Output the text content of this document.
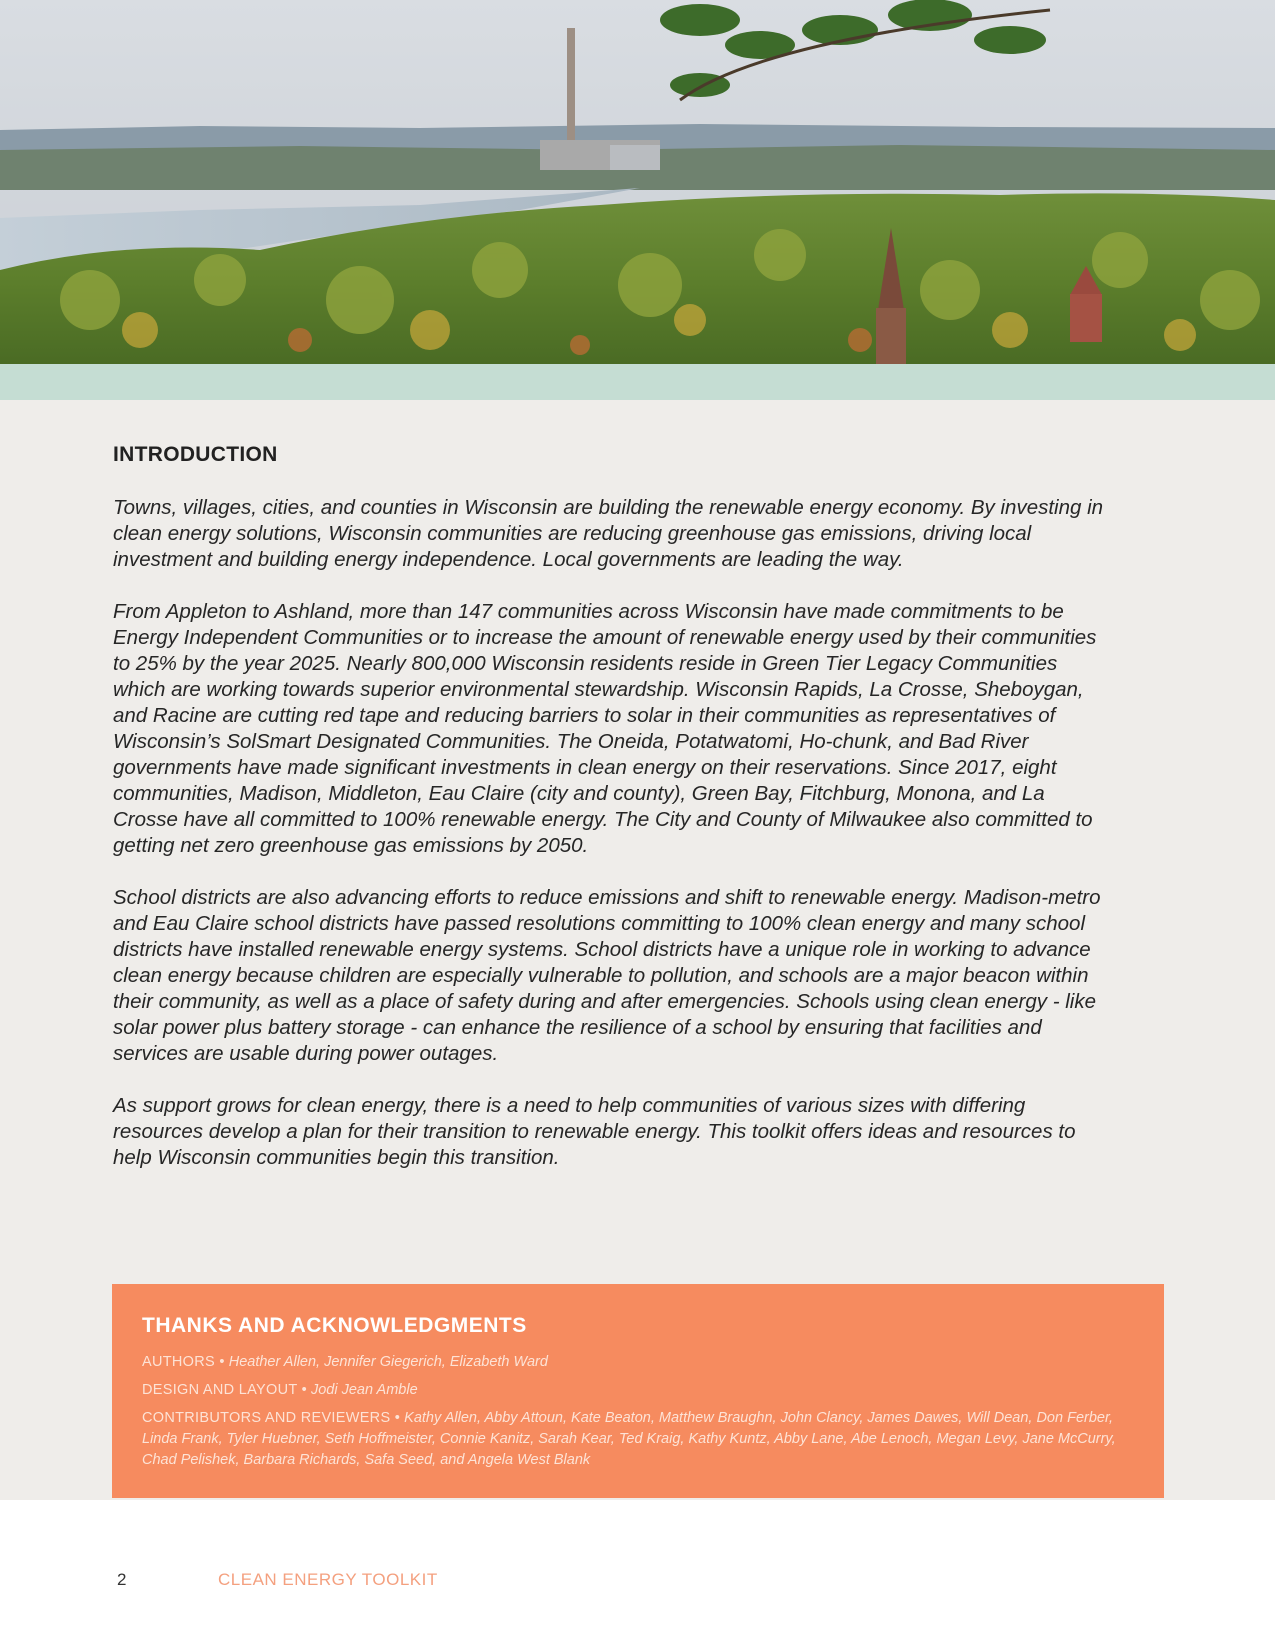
INTRODUCTION

Towns, villages, cities, and counties in Wisconsin are building the renewable energy economy. By investing in clean energy solutions, Wisconsin communities are reducing greenhouse gas emissions, driving local investment and building energy independence. Local governments are leading the way.

From Appleton to Ashland, more than 147 communities across Wisconsin have made commitments to be Energy Independent Communities or to increase the amount of renewable energy used by their communities to 25% by the year 2025. Nearly 800,000 Wisconsin residents reside in Green Tier Legacy Communities which are working towards superior environmental stewardship. Wisconsin Rapids, La Crosse, Sheboygan, and Racine are cutting red tape and reducing barriers to solar in their communities as representatives of Wisconsin’s SolSmart Designated Communities. The Oneida, Potatwatomi, Ho-chunk, and Bad River governments have made significant investments in clean energy on their reservations. Since 2017, eight communities, Madison, Middleton, Eau Claire (city and county), Green Bay, Fitchburg, Monona, and La Crosse have all committed to 100% renewable energy. The City and County of Milwaukee also committed to getting net zero greenhouse gas emissions by 2050.

School districts are also advancing efforts to reduce emissions and shift to renewable energy. Madison-metro and Eau Claire school districts have passed resolutions committing to 100% clean energy and many school districts have installed renewable energy systems. School districts have a unique role in working to advance clean energy because children are especially vulnerable to pollution, and schools are a major beacon within their community, as well as a place of safety during and after emergencies. Schools using clean energy - like solar power plus battery storage - can enhance the resilience of a school by ensuring that facilities and services are usable during power outages.

As support grows for clean energy, there is a need to help communities of various sizes with differing resources develop a plan for their transition to renewable energy. This toolkit offers ideas and resources to help Wisconsin communities begin this transition.

THANKS AND ACKNOWLEDGMENTS
AUTHORS • Heather Allen, Jennifer Giegerich, Elizabeth Ward
DESIGN AND LAYOUT • Jodi Jean Amble
CONTRIBUTORS AND REVIEWERS • Kathy Allen, Abby Attoun, Kate Beaton, Matthew Braughn, John Clancy, James Dawes, Will Dean, Don Ferber, Linda Frank, Tyler Huebner, Seth Hoffmeister, Connie Kanitz, Sarah Kear, Ted Kraig, Kathy Kuntz, Abby Lane, Abe Lenoch, Megan Levy, Jane McCurry, Chad Pelishek, Barbara Richards, Safa Seed, and Angela West Blank
2	CLEAN ENERGY TOOLKIT
